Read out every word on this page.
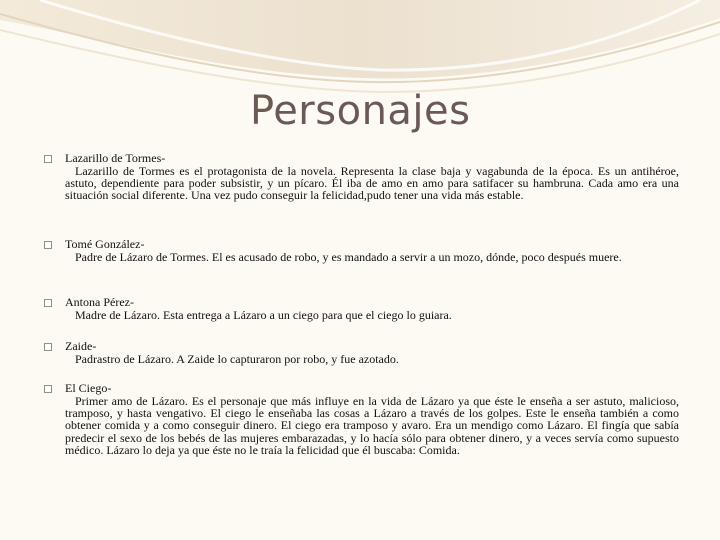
Personajes
Lazarillo de Tormes-
Lazarillo de Tormes es el protagonista de la novela. Representa la clase baja y vagabunda de la época. Es un antihéroe, astuto, dependiente para poder subsistir, y un pícaro. Él iba de amo en amo para satifacer su hambruna. Cada amo era una situación social diferente. Una vez pudo conseguir la felicidad,pudo tener una vida más estable.
Tomé González-
Padre de Lázaro de Tormes. El es acusado de robo, y es mandado a servir a un mozo, dónde, poco después muere.
Antona Pérez-
Madre de Lázaro. Esta entrega a Lázaro a un ciego para que el ciego lo guiara.
Zaide-
Padrastro de Lázaro. A Zaide lo capturaron por robo, y fue azotado.
El Ciego-
Primer amo de Lázaro. Es el personaje que más influye en la vida de Lázaro ya que éste le enseña a ser astuto, malicioso, tramposo, y hasta vengativo. El ciego le enseñaba las cosas a Lázaro a través de los golpes. Este le enseña también a como obtener comida y a como conseguir dinero. El ciego era tramposo y avaro. Era un mendigo como Lázaro. El fingía que sabía predecir el sexo de los bebés de las mujeres embarazadas, y lo hacía sólo para obtener dinero, y a veces servía como supuesto médico. Lázaro lo deja ya que éste no le traía la felicidad que él buscaba: Comida.
